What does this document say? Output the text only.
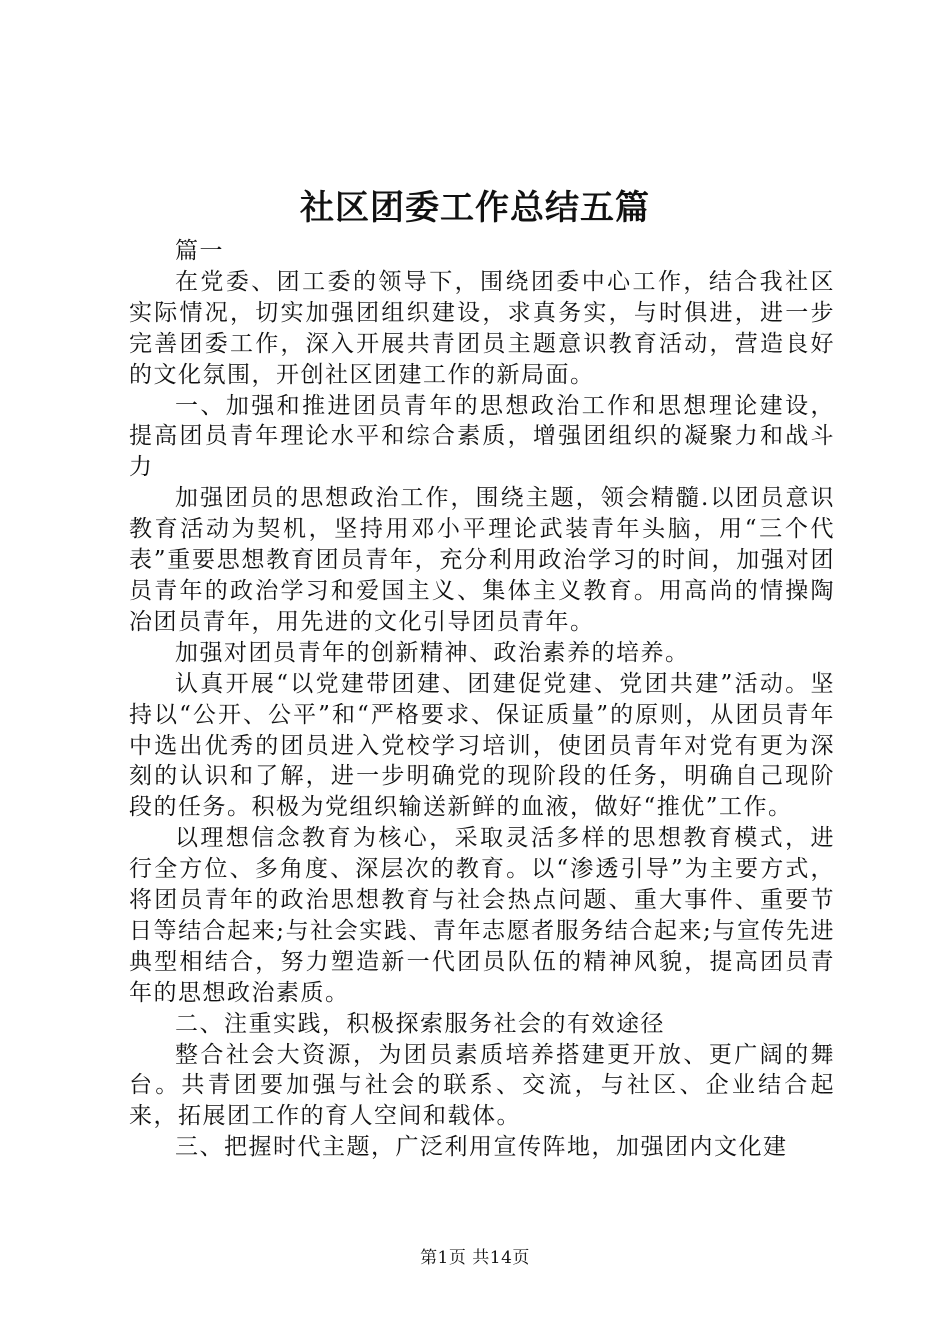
社区团委工作总结五篇

篇一

在党委、团工委的领导下，围绕团委中心工作，结合我社区实际情况，切实加强团组织建设，求真务实，与时俱进，进一步完善团委工作，深入开展共青团员主题意识教育活动，营造良好的文化氛围，开创社区团建工作的新局面。

一、加强和推进团员青年的思想政治工作和思想理论建设，提高团员青年理论水平和综合素质，增强团组织的凝聚力和战斗力

加强团员的思想政治工作，围绕主题，领会精髓.以团员意识教育活动为契机，坚持用邓小平理论武装青年头脑，用“三个代表”重要思想教育团员青年，充分利用政治学习的时间，加强对团员青年的政治学习和爱国主义、集体主义教育。用高尚的情操陶冶团员青年，用先进的文化引导团员青年。

加强对团员青年的创新精神、政治素养的培养。

认真开展“以党建带团建、团建促党建、党团共建”活动。坚持以“公开、公平”和“严格要求、保证质量”的原则，从团员青年中选出优秀的团员进入党校学习培训，使团员青年对党有更为深刻的认识和了解，进一步明确党的现阶段的任务，明确自己现阶段的任务。积极为党组织输送新鲜的血液，做好“推优”工作。

以理想信念教育为核心，采取灵活多样的思想教育模式，进行全方位、多角度、深层次的教育。以“渗透引导”为主要方式，将团员青年的政治思想教育与社会热点问题、重大事件、重要节日等结合起来;与社会实践、青年志愿者服务结合起来;与宣传先进典型相结合，努力塑造新一代团员队伍的精神风貌，提高团员青年的思想政治素质。

二、注重实践，积极探索服务社会的有效途径

整合社会大资源，为团员素质培养搭建更开放、更广阔的舞台。共青团要加强与社会的联系、交流，与社区、企业结合起来，拓展团工作的育人空间和载体。

三、把握时代主题，广泛利用宣传阵地，加强团内文化建

第1页 共14页
